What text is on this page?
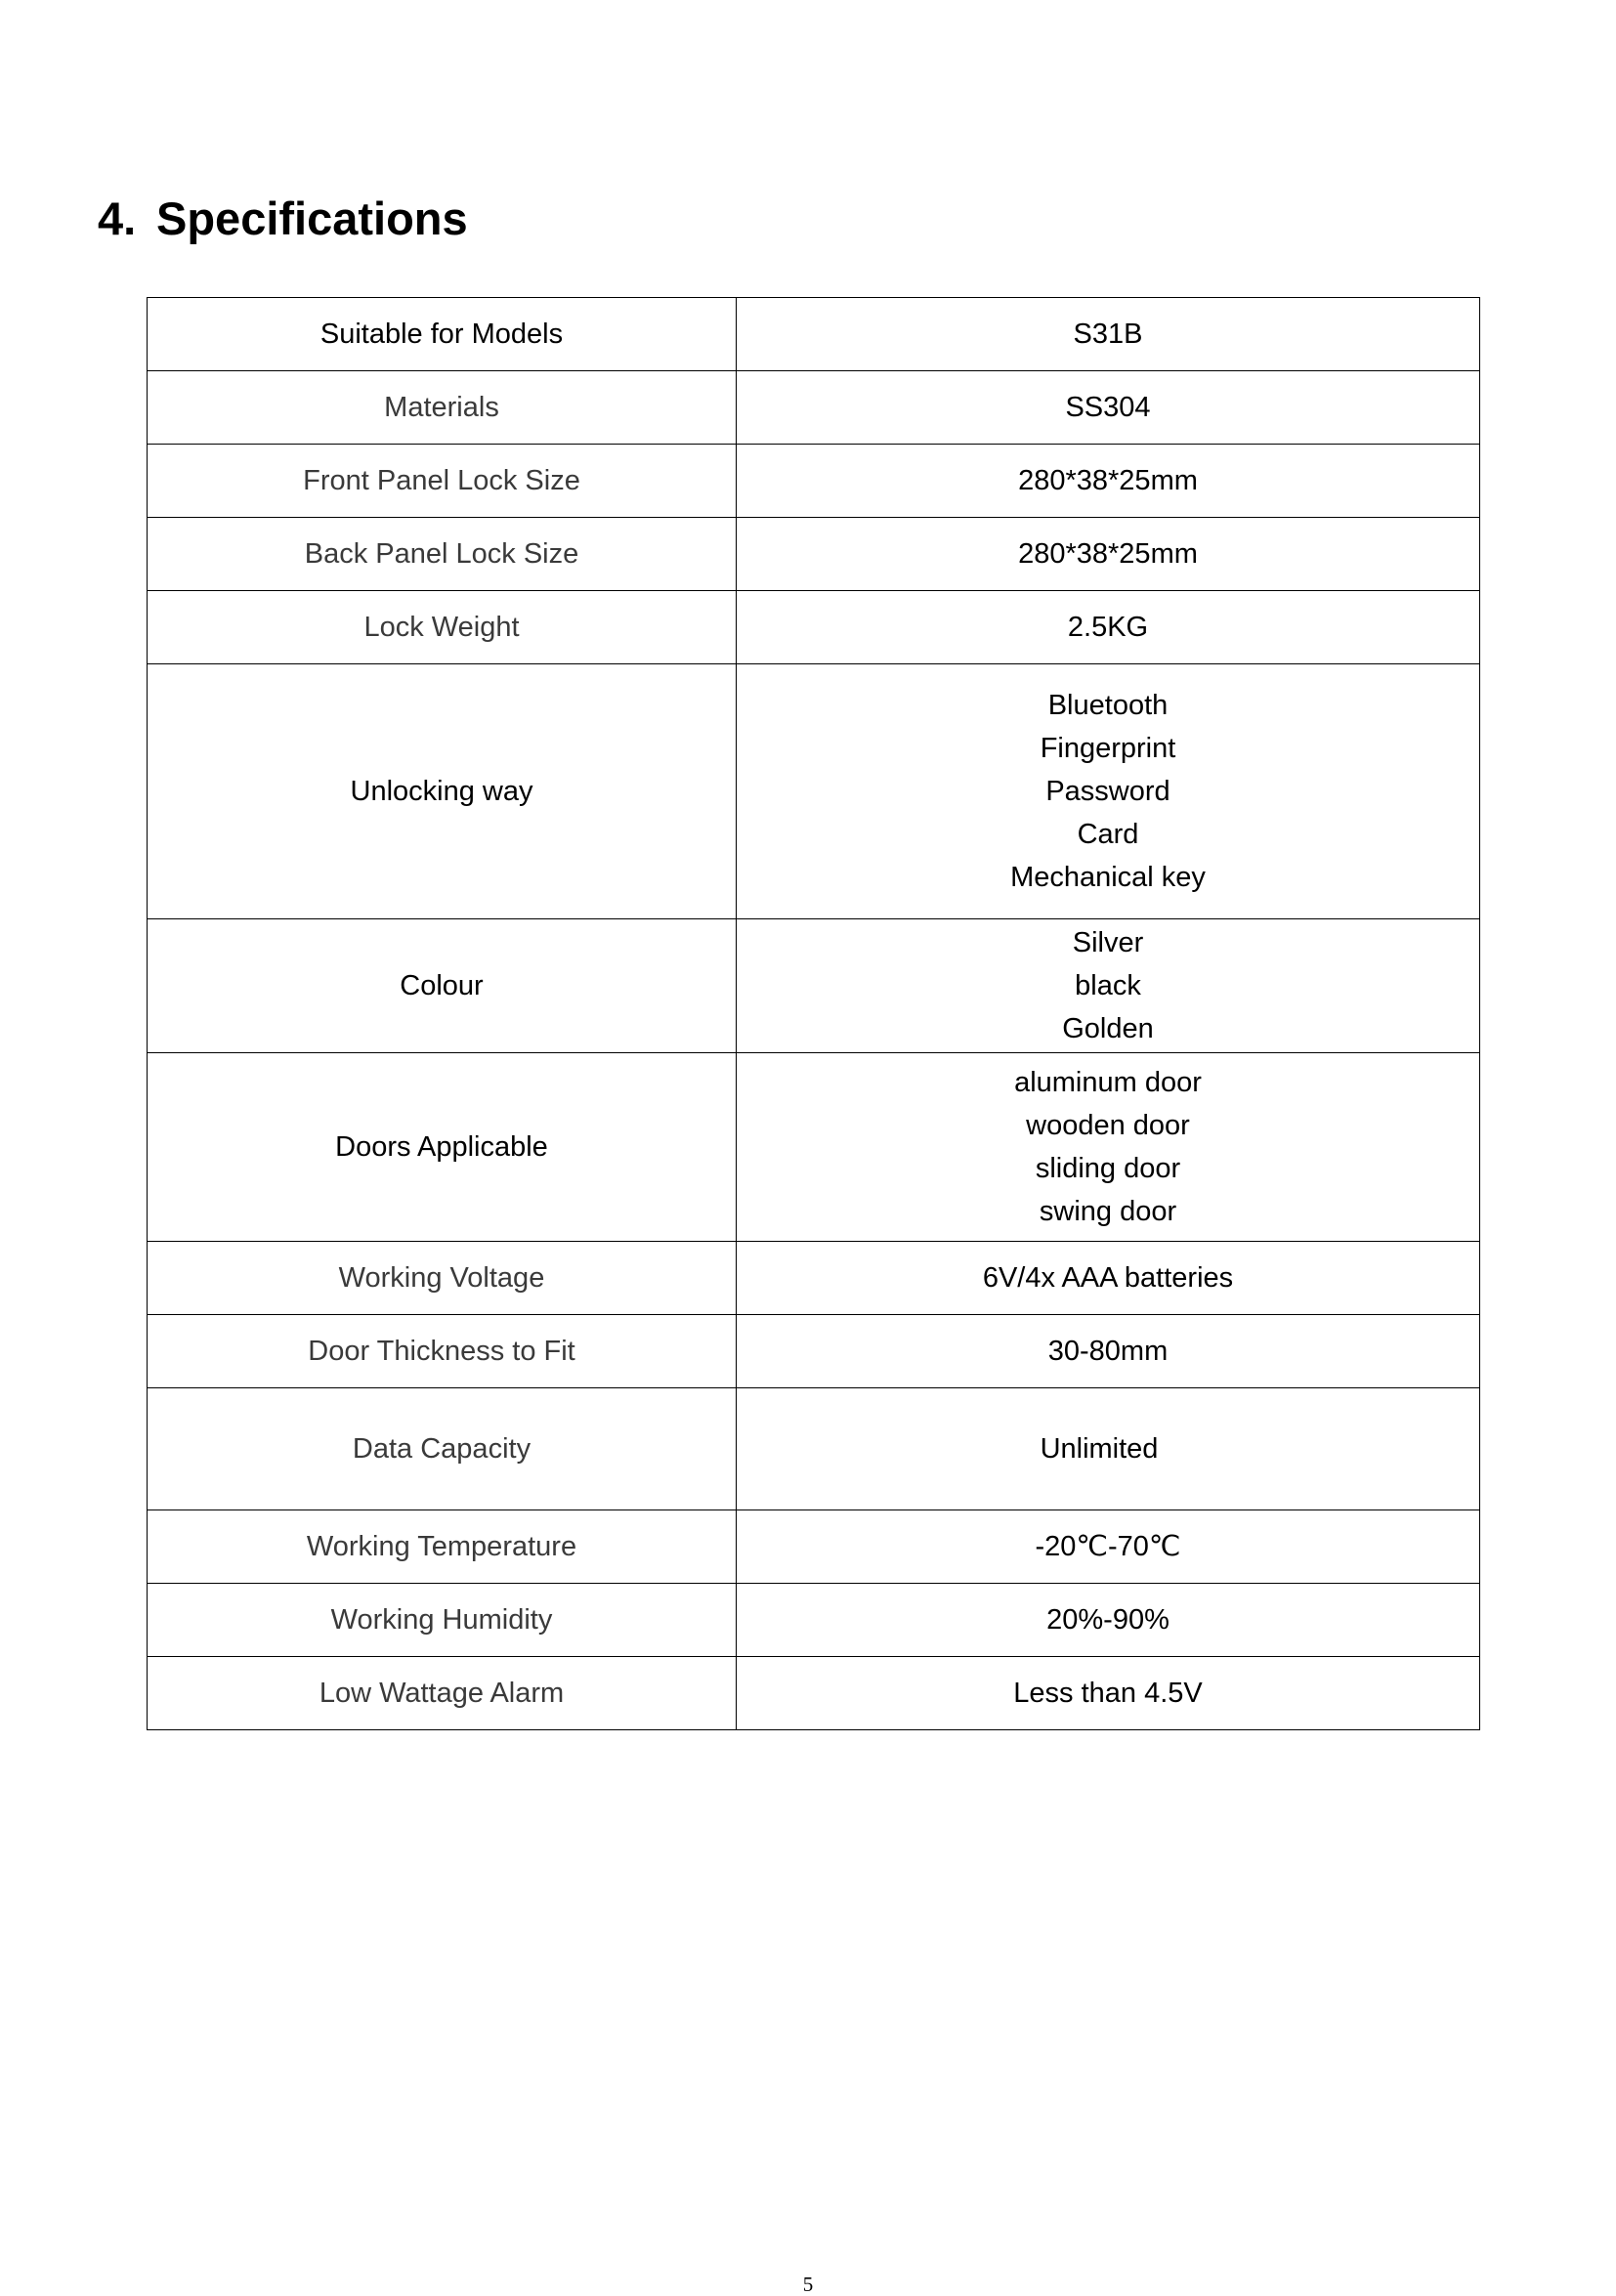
4. Specifications
Suitable for Models	S31B

Materials	SS304

Front Panel Lock Size	280*38*25mm

Back Panel Lock Size	280*38*25mm

Lock Weight	2.5KG

Unlocking way	Bluetooth
Fingerprint
Password
Card
Mechanical key

Colour	Silver
black
Golden

Doors Applicable	aluminum door
wooden door
sliding door
swing door

Working Voltage	6V/4x AAA batteries

Door Thickness to Fit	30-80mm

Data Capacity	Unlimited

Working Temperature	-20℃-70℃

Working Humidity	20%-90%

Low Wattage Alarm	Less than 4.5V
5
